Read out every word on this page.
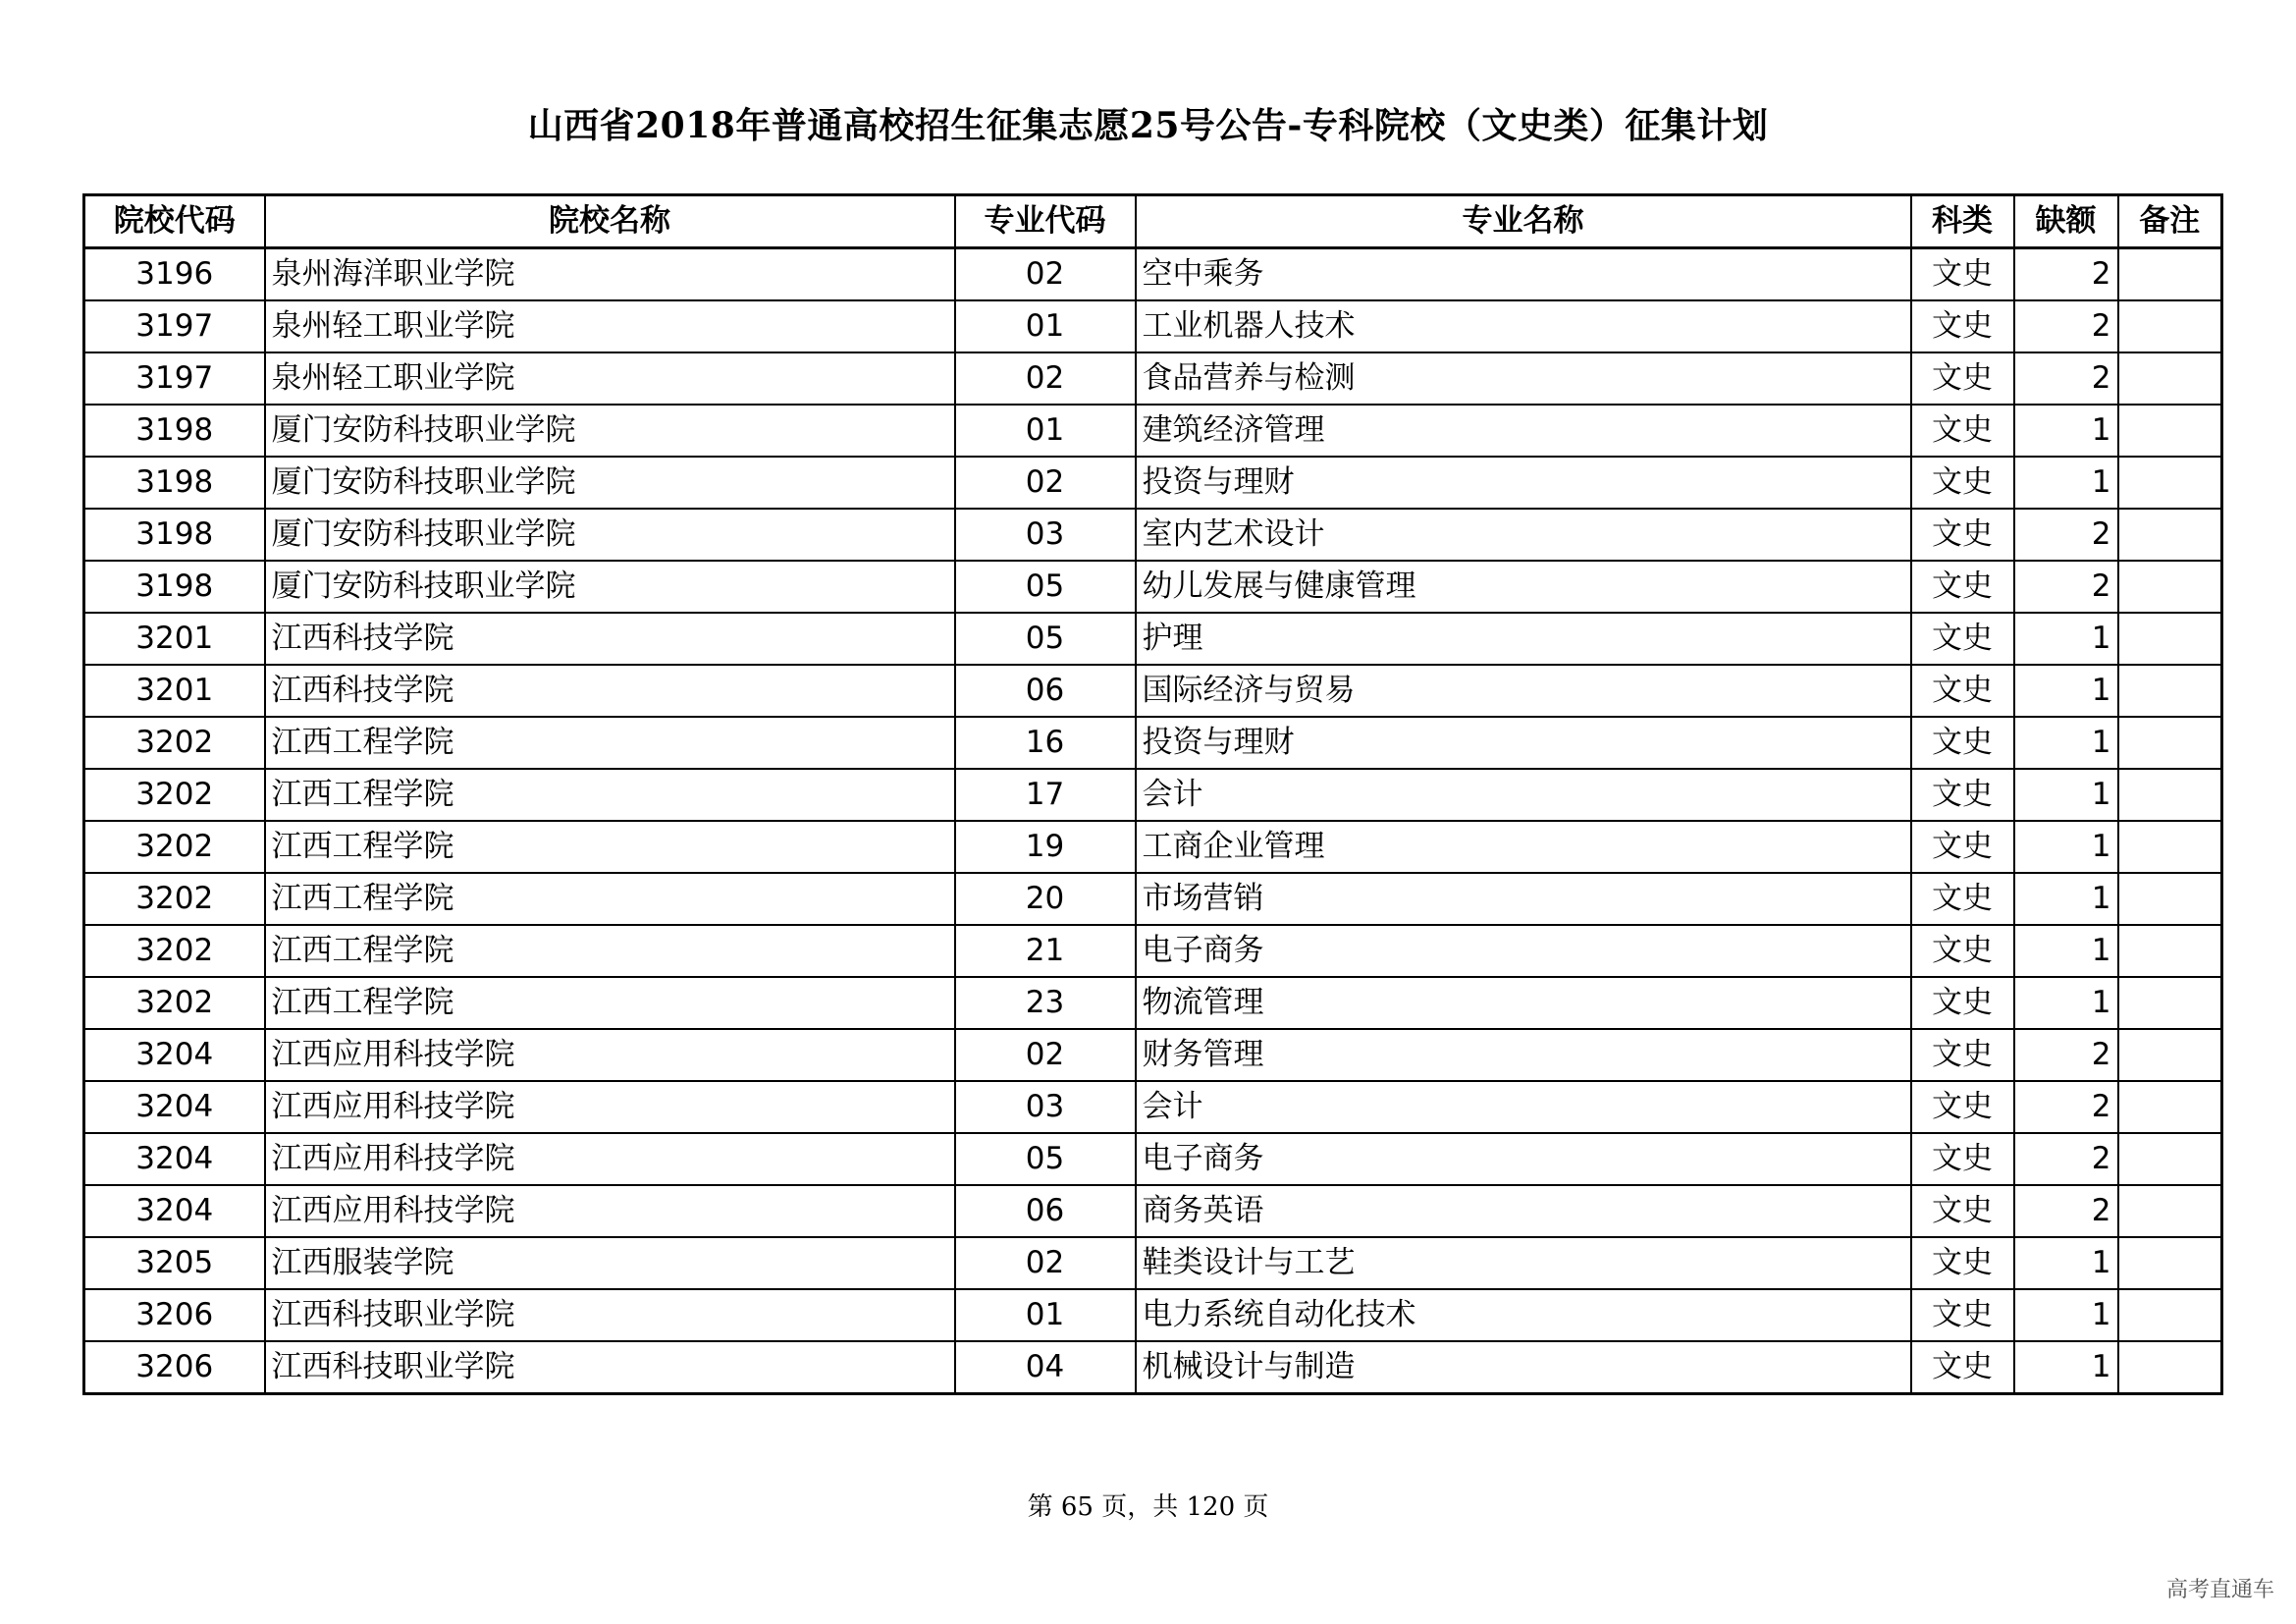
山西省2018年普通高校招生征集志愿25号公告-专科院校（文史类）征集计划
院校代码	院校名称	专业代码	专业名称	科类	缺额	备注
3196	泉州海洋职业学院	02	空中乘务	文史	2	
3197	泉州轻工职业学院	01	工业机器人技术	文史	2	
3197	泉州轻工职业学院	02	食品营养与检测	文史	2	
3198	厦门安防科技职业学院	01	建筑经济管理	文史	1	
3198	厦门安防科技职业学院	02	投资与理财	文史	1	
3198	厦门安防科技职业学院	03	室内艺术设计	文史	2	
3198	厦门安防科技职业学院	05	幼儿发展与健康管理	文史	2	
3201	江西科技学院	05	护理	文史	1	
3201	江西科技学院	06	国际经济与贸易	文史	1	
3202	江西工程学院	16	投资与理财	文史	1	
3202	江西工程学院	17	会计	文史	1	
3202	江西工程学院	19	工商企业管理	文史	1	
3202	江西工程学院	20	市场营销	文史	1	
3202	江西工程学院	21	电子商务	文史	1	
3202	江西工程学院	23	物流管理	文史	1	
3204	江西应用科技学院	02	财务管理	文史	2	
3204	江西应用科技学院	03	会计	文史	2	
3204	江西应用科技学院	05	电子商务	文史	2	
3204	江西应用科技学院	06	商务英语	文史	2	
3205	江西服装学院	02	鞋类设计与工艺	文史	1	
3206	江西科技职业学院	01	电力系统自动化技术	文史	1	
3206	江西科技职业学院	04	机械设计与制造	文史	1	
第 65 页，共 120 页
高考直通车
